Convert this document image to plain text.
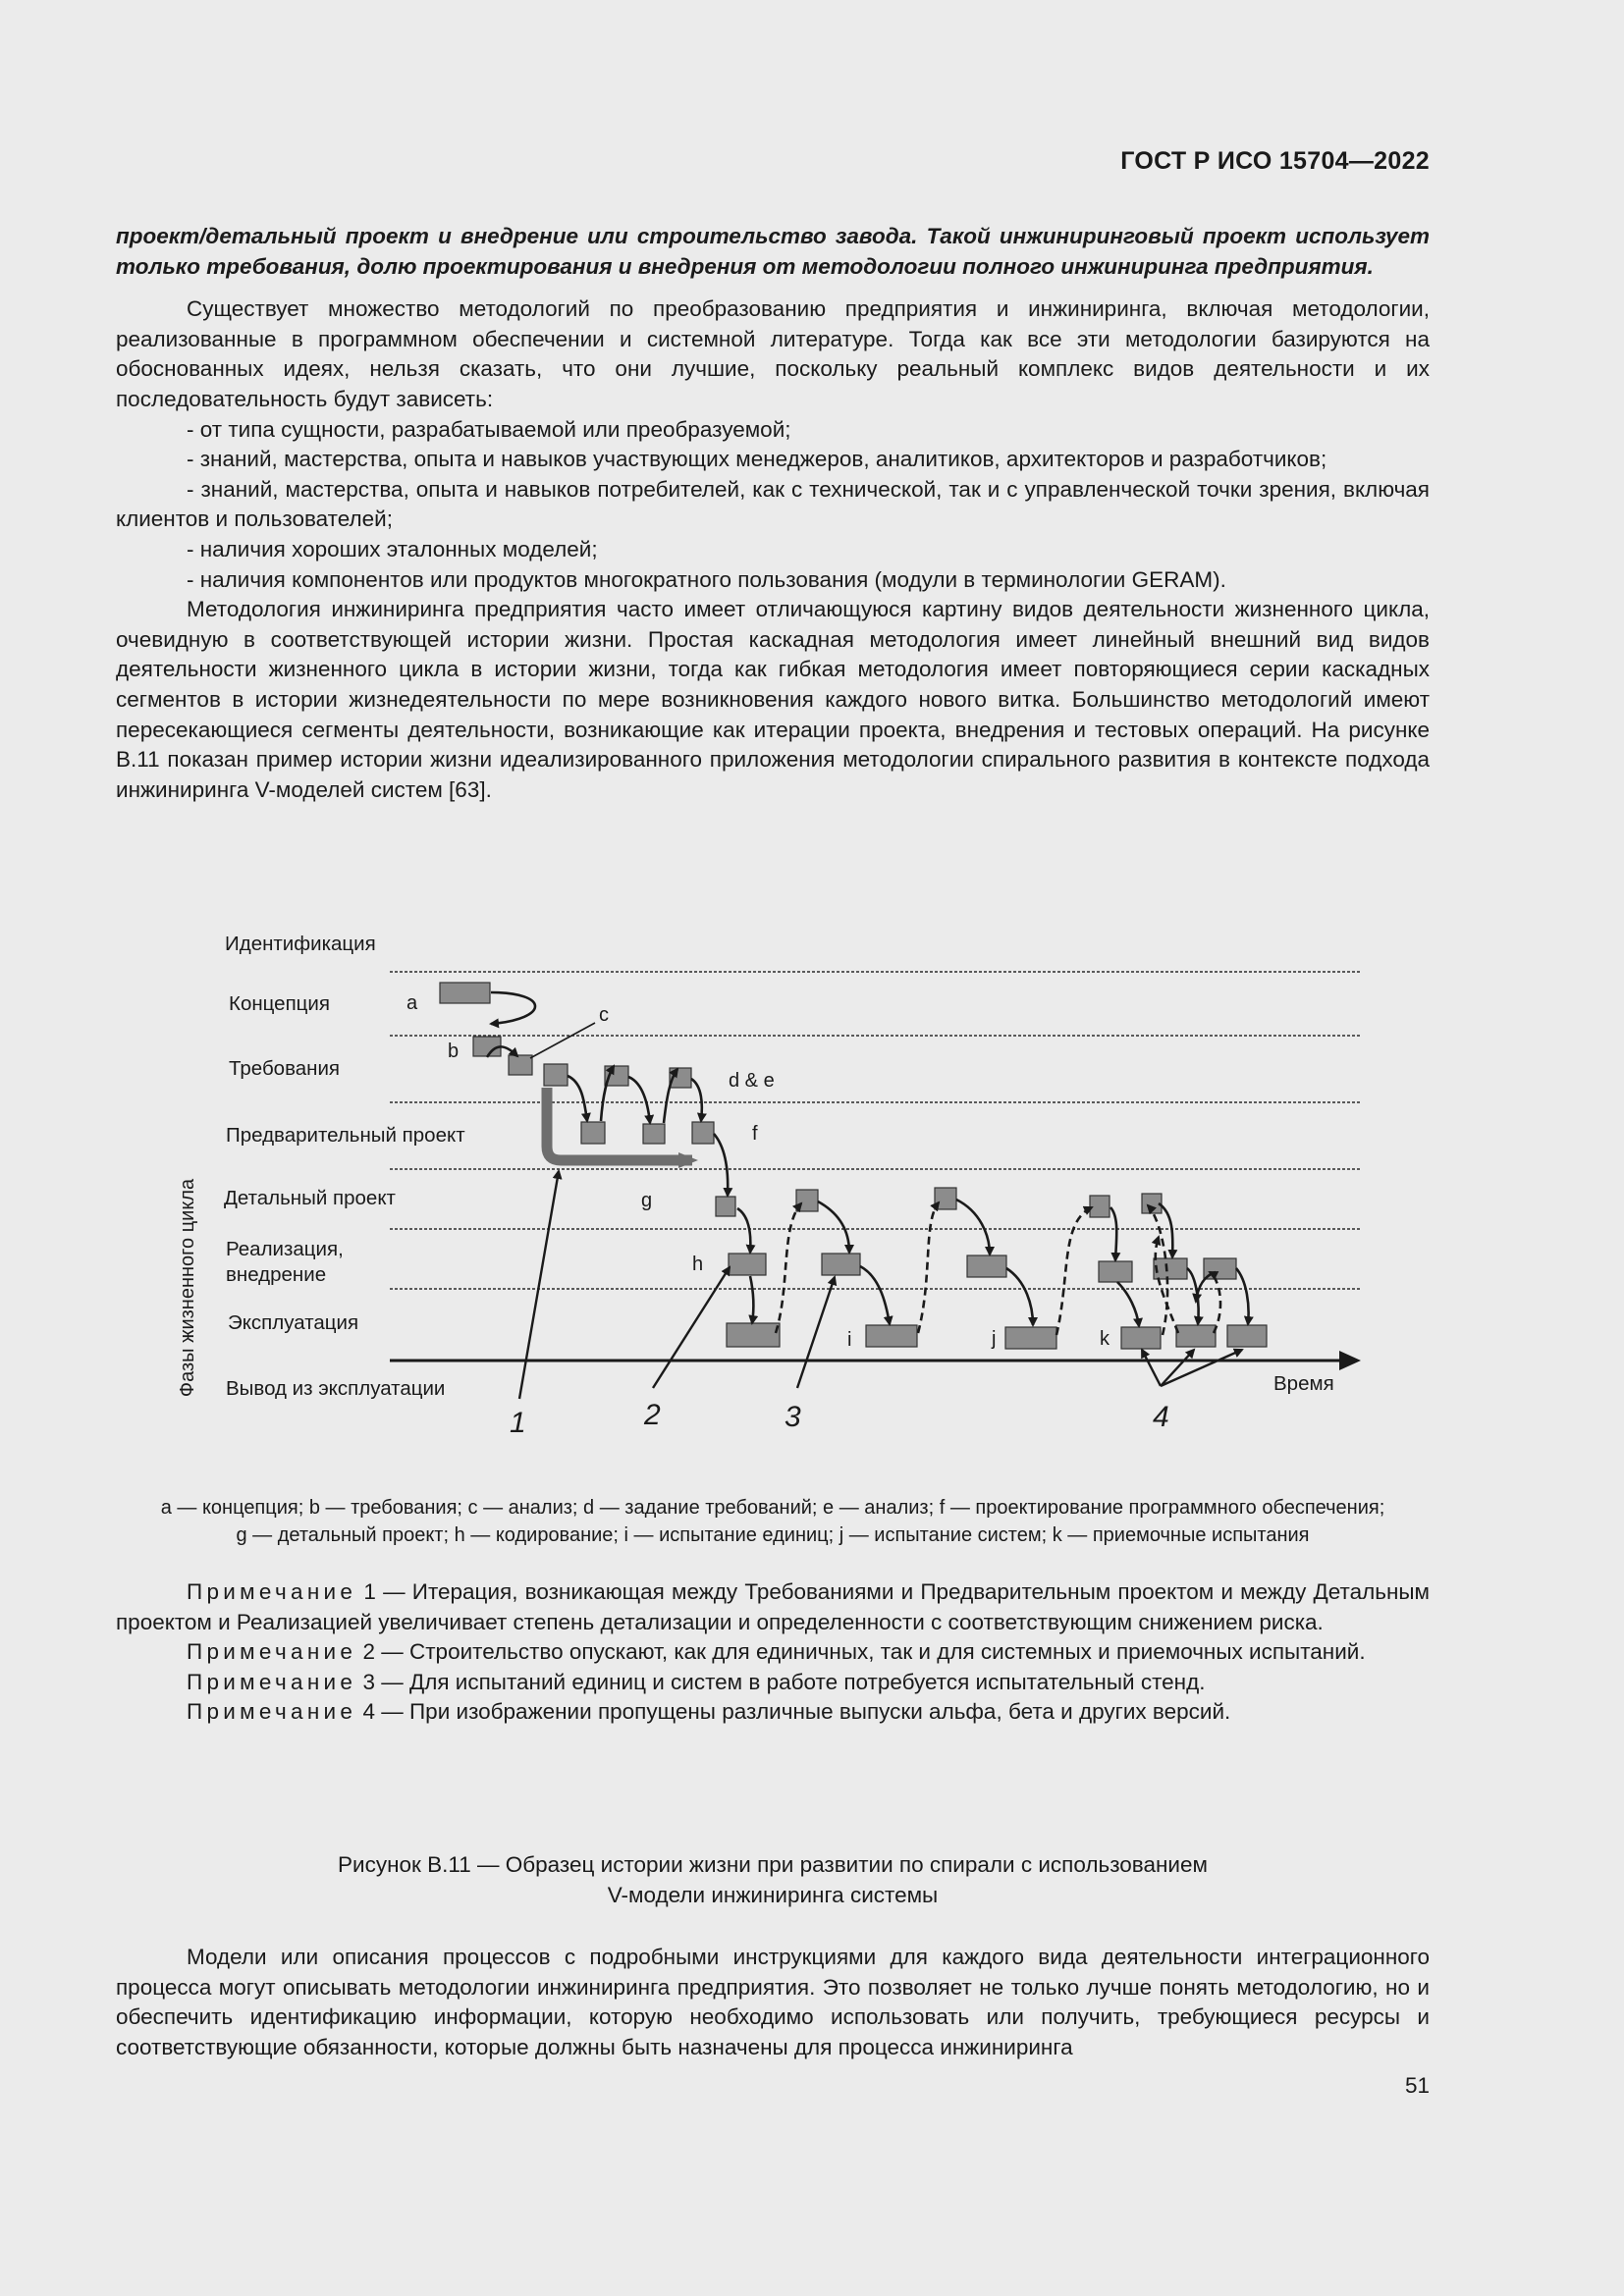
ГОСТ Р ИСО 15704—2022

проект/детальный проект и внедрение или строительство завода. Такой инжиниринговый проект использует только требования, долю проектирования и внедрения от методологии полного инжиниринга предприятия.

Существует множество методологий по преобразованию предприятия и инжиниринга, включая методологии, реализованные в программном обеспечении и системной литературе. Тогда как все эти методологии базируются на обоснованных идеях, нельзя сказать, что они лучшие, поскольку реальный комплекс видов деятельности и их последовательность будут зависеть:

- от типа сущности, разрабатываемой или преобразуемой;

- знаний, мастерства, опыта и навыков участвующих менеджеров, аналитиков, архитекторов и разработчиков;

- знаний, мастерства, опыта и навыков потребителей, как с технической, так и с управленческой точки зрения, включая клиентов и пользователей;

- наличия хороших эталонных моделей;

- наличия компонентов или продуктов многократного пользования (модули в терминологии GERAM).

Методология инжиниринга предприятия часто имеет отличающуюся картину видов деятельности жизненного цикла, очевидную в соответствующей истории жизни. Простая каскадная методология имеет линейный внешний вид видов деятельности жизненного цикла в истории жизни, тогда как гибкая методология имеет повторяющиеся серии каскадных сегментов в истории жизнедеятельности по мере возникновения каждого нового витка. Большинство методологий имеют пересекающиеся сегменты деятельности, возникающие как итерации проекта, внедрения и тестовых операций. На рисунке В.11 показан пример истории жизни идеализированного приложения методологии спирального развития в контексте подхода инжиниринга V-моделей систем [63].

Фазы жизненного цикла
Идентификация
Концепция
Требования
Предварительный проект
Детальный проект
Реализация,
внедрение
Эксплуатация
Вывод из эксплуатации	Время
a
b
c
d & e
f
g
h
i	j	k
1	2	3	4
a — концепция; b — требования; c — анализ; d — задание требований; e — анализ; f — проектирование программного обеспечения;
g — детальный проект; h — кодирование; i — испытание единиц; j — испытание систем; k — приемочные испытания

Примечание 1 — Итерация, возникающая между Требованиями и Предварительным проектом и между Детальным проектом и Реализацией увеличивает степень детализации и определенности с соответствующим снижением риска.

Примечание 2 — Строительство опускают, как для единичных, так и для системных и приемочных испытаний.

Примечание 3 — Для испытаний единиц и систем в работе потребуется испытательный стенд.

Примечание 4 — При изображении пропущены различные выпуски альфа, бета и других версий.

Рисунок В.11 — Образец истории жизни при развитии по спирали с использованием
V-модели инжиниринга системы

Модели или описания процессов с подробными инструкциями для каждого вида деятельности интеграционного процесса могут описывать методологии инжиниринга предприятия. Это позволяет не только лучше понять методологию, но и обеспечить идентификацию информации, которую необходимо использовать или получить, требующиеся ресурсы и соответствующие обязанности, которые должны быть назначены для процесса инжиниринга

51
